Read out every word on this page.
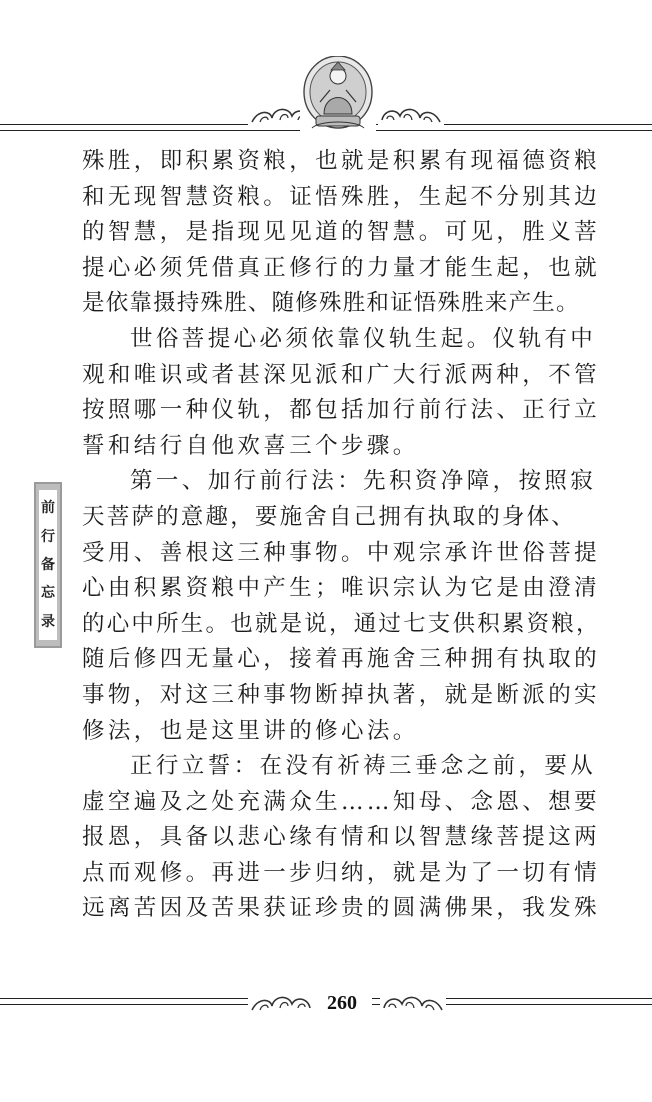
前
行
备
忘
录
殊胜，即积累资粮，也就是积累有现福德资粮
和无现智慧资粮。证悟殊胜，生起不分别其边
的智慧，是指现见见道的智慧。可见，胜义菩
提心必须凭借真正修行的力量才能生起，也就
是依靠摄持殊胜、随修殊胜和证悟殊胜来产生。
世俗菩提心必须依靠仪轨生起。仪轨有中
观和唯识或者甚深见派和广大行派两种，不管
按照哪一种仪轨，都包括加行前行法、正行立
誓和结行自他欢喜三个步骤。
第一、加行前行法：先积资净障，按照寂
天菩萨的意趣，要施舍自己拥有执取的身体、
受用、善根这三种事物。中观宗承许世俗菩提
心由积累资粮中产生；唯识宗认为它是由澄清
的心中所生。也就是说，通过七支供积累资粮，
随后修四无量心，接着再施舍三种拥有执取的
事物，对这三种事物断掉执著，就是断派的实
修法，也是这里讲的修心法。
正行立誓：在没有祈祷三垂念之前，要从
虚空遍及之处充满众生……知母、念恩、想要
报恩，具备以悲心缘有情和以智慧缘菩提这两
点而观修。再进一步归纳，就是为了一切有情
远离苦因及苦果获证珍贵的圆满佛果，我发殊
260
